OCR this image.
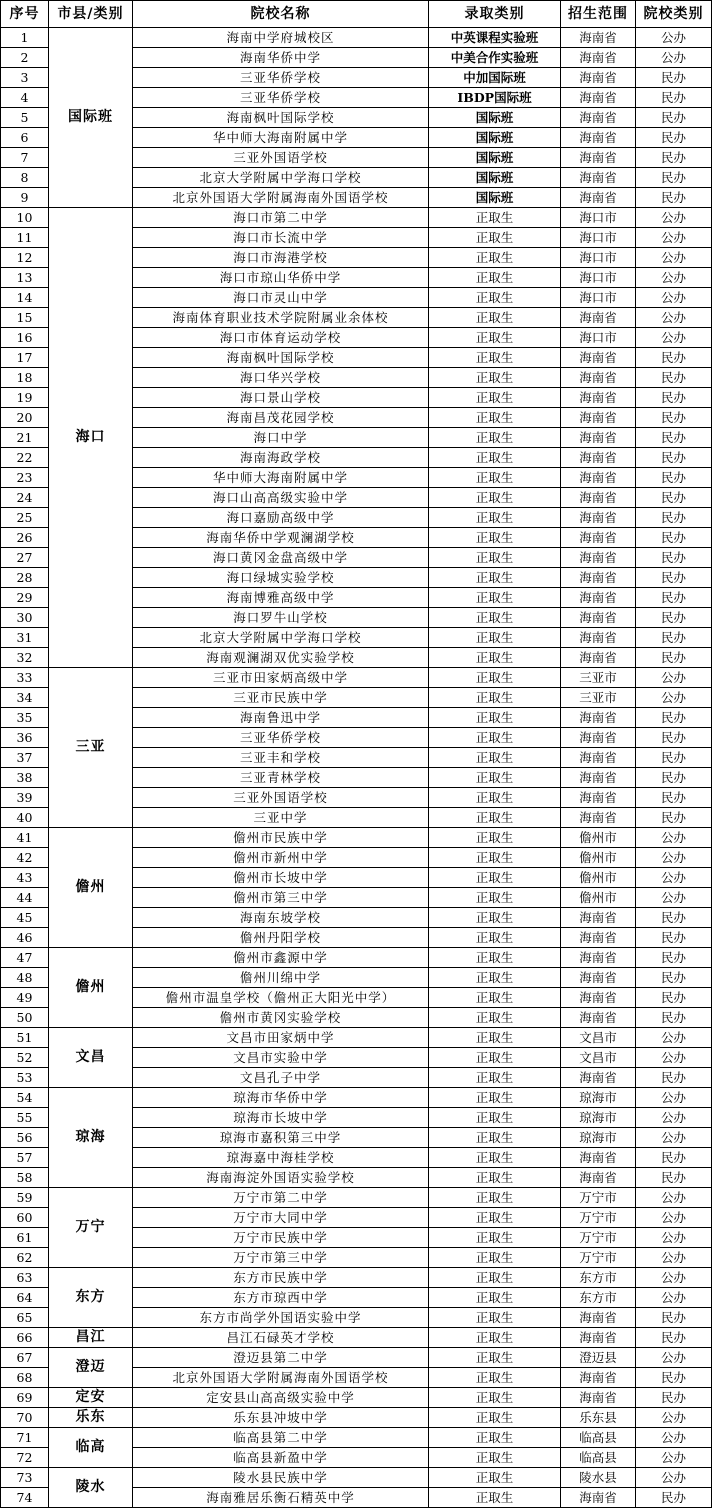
序号	市县/类别	院校名称	录取类别	招生范围	院校类别
1	国际班	海南中学府城校区	中英课程实验班	海南省	公办
2		海南华侨中学	中美合作实验班	海南省	公办
3		三亚华侨学校	中加国际班	海南省	民办
4		三亚华侨学校	IBDP国际班	海南省	民办
5		海南枫叶国际学校	国际班	海南省	民办
6		华中师大海南附属中学	国际班	海南省	民办
7		三亚外国语学校	国际班	海南省	民办
8		北京大学附属中学海口学校	国际班	海南省	民办
9		北京外国语大学附属海南外国语学校	国际班	海南省	民办
10	海口	海口市第二中学	正取生	海口市	公办
11		海口市长流中学	正取生	海口市	公办
12		海口市海港学校	正取生	海口市	公办
13		海口市琼山华侨中学	正取生	海口市	公办
14		海口市灵山中学	正取生	海口市	公办
15		海南体育职业技术学院附属业余体校	正取生	海南省	公办
16		海口市体育运动学校	正取生	海口市	公办
17		海南枫叶国际学校	正取生	海南省	民办
18		海口华兴学校	正取生	海南省	民办
19		海口景山学校	正取生	海南省	民办
20		海南昌茂花园学校	正取生	海南省	民办
21		海口中学	正取生	海南省	民办
22		海南海政学校	正取生	海南省	民办
23		华中师大海南附属中学	正取生	海南省	民办
24		海口山高高级实验中学	正取生	海南省	民办
25		海口嘉励高级中学	正取生	海南省	民办
26		海南华侨中学观澜湖学校	正取生	海南省	民办
27		海口黄冈金盘高级中学	正取生	海南省	民办
28		海口绿城实验学校	正取生	海南省	民办
29		海南博雅高级中学	正取生	海南省	民办
30		海口罗牛山学校	正取生	海南省	民办
31		北京大学附属中学海口学校	正取生	海南省	民办
32		海南观澜湖双优实验学校	正取生	海南省	民办
33	三亚	三亚市田家炳高级中学	正取生	三亚市	公办
34		三亚市民族中学	正取生	三亚市	公办
35		海南鲁迅中学	正取生	海南省	民办
36		三亚华侨学校	正取生	海南省	民办
37		三亚丰和学校	正取生	海南省	民办
38		三亚青林学校	正取生	海南省	民办
39		三亚外国语学校	正取生	海南省	民办
40		三亚中学	正取生	海南省	民办
41	儋州	儋州市民族中学	正取生	儋州市	公办
42		儋州市新州中学	正取生	儋州市	公办
43		儋州市长坡中学	正取生	儋州市	公办
44		儋州市第三中学	正取生	儋州市	公办
45		海南东坡学校	正取生	海南省	民办
46		儋州丹阳学校	正取生	海南省	民办
47	儋州	儋州市鑫源中学	正取生	海南省	民办
48		儋州川绵中学	正取生	海南省	民办
49		儋州市温皇学校（儋州正大阳光中学）	正取生	海南省	民办
50		儋州市黄冈实验学校	正取生	海南省	民办
51	文昌	文昌市田家炳中学	正取生	文昌市	公办
52		文昌市实验中学	正取生	文昌市	公办
53		文昌孔子中学	正取生	海南省	民办
54	琼海	琼海市华侨中学	正取生	琼海市	公办
55		琼海市长坡中学	正取生	琼海市	公办
56		琼海市嘉积第三中学	正取生	琼海市	公办
57		琼海嘉中海桂学校	正取生	海南省	民办
58		海南海淀外国语实验学校	正取生	海南省	民办
59	万宁	万宁市第二中学	正取生	万宁市	公办
60		万宁市大同中学	正取生	万宁市	公办
61		万宁市民族中学	正取生	万宁市	公办
62		万宁市第三中学	正取生	万宁市	公办
63	东方	东方市民族中学	正取生	东方市	公办
64		东方市琼西中学	正取生	东方市	公办
65		东方市尚学外国语实验中学	正取生	海南省	民办
66	昌江	昌江石碌英才学校	正取生	海南省	民办
67	澄迈	澄迈县第二中学	正取生	澄迈县	公办
68		北京外国语大学附属海南外国语学校	正取生	海南省	民办
69	定安	定安县山高高级实验中学	正取生	海南省	民办
70	乐东	乐东县冲坡中学	正取生	乐东县	公办
71	临高	临高县第二中学	正取生	临高县	公办
72		临高县新盈中学	正取生	临高县	公办
73	陵水	陵水县民族中学	正取生	陵水县	公办
74		海南雅居乐衡石精英中学	正取生	海南省	民办
